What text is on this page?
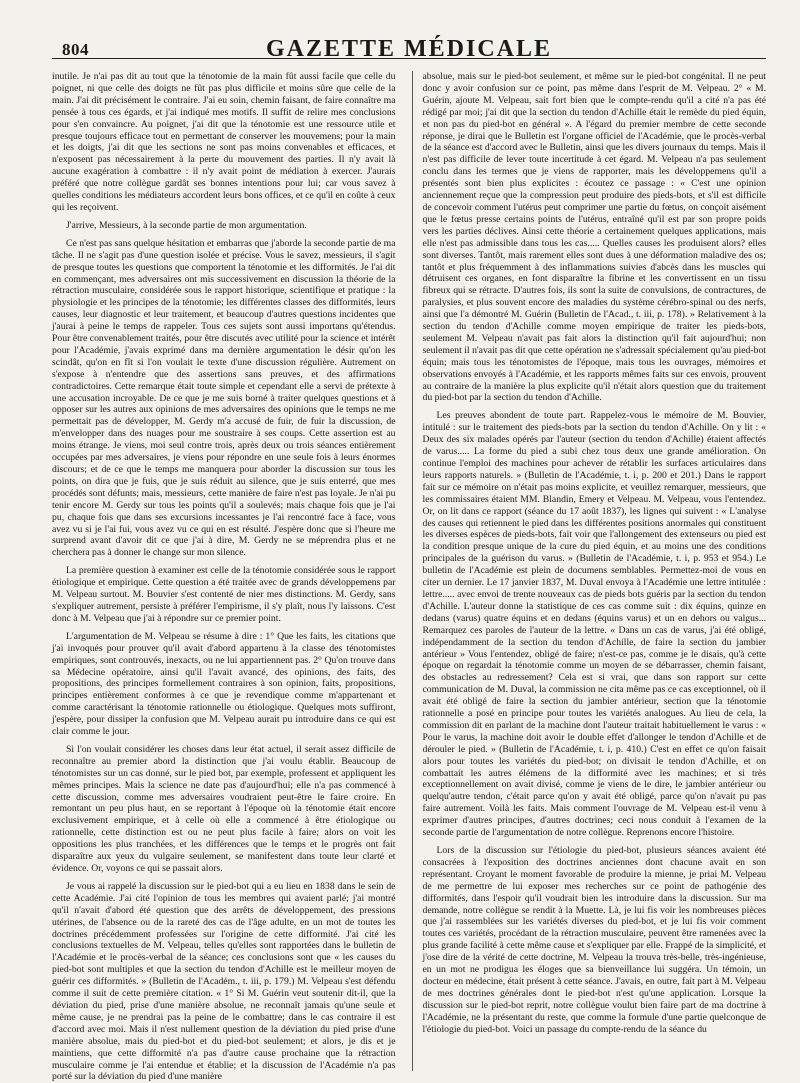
804	GAZETTE MÉDICALE

inutile. Je n'ai pas dit au tout que la ténotomie de la main fût aussi facile que celle du poignet, ni que celle des doigts ne fût pas plus difficile et moins sûre que celle de la main. J'ai dit précisément le contraire. J'ai eu soin, chemin faisant, de faire connaître ma pensée à tous ces égards, et j'ai indiqué mes motifs. Il suffit de relire mes conclusions pour s'en convaincre. Au poignet, j'ai dit que la ténotomie est une ressource utile et presque toujours efficace tout en permettant de conserver les mouvemens; pour la main et les doigts, j'ai dit que les sections ne sont pas moins convenables et efficaces, et n'exposent pas nécessairement à la perte du mouvement des parties. Il n'y avait là aucune exagération à combattre : il n'y avait point de médiation à exercer. J'aurais préféré que notre collègue gardât ses bonnes intentions pour lui; car vous savez à quelles conditions les médiateurs accordent leurs bons offices, et ce qu'il en coûte à ceux qui les reçoivent.

J'arrive, Messieurs, à la seconde partie de mon argumentation.

Ce n'est pas sans quelque hésitation et embarras que j'aborde la seconde partie de ma tâche. Il ne s'agit pas d'une question isolée et précise. Vous le savez, messieurs, il s'agit de presque toutes les questions que comportent la ténotomie et les difformités. Je l'ai dit en commençant, mes adversaires ont mis successivement en discussion la théorie de la rétraction musculaire, considérée sous le rapport historique, scientifique et pratique : la physiologie et les principes de la ténotomie; les différentes classes des difformités, leurs causes, leur diagnostic et leur traitement, et beaucoup d'autres questions incidentes que j'aurai à peine le temps de rappeler. Tous ces sujets sont aussi importans qu'étendus. Pour être convenablement traités, pour être discutés avec utilité pour la science et intérêt pour l'Académie, j'avais exprimé dans ma dernière argumentation le désir qu'on les scindât, qu'on en fît si l'on voulait le texte d'une discussion régulière. Autrement on s'expose à n'entendre que des assertions sans preuves, et des affirmations contradictoires. Cette remarque était toute simple et cependant elle a servi de prétexte à une accusation incroyable. De ce que je me suis borné à traiter quelques questions et à opposer sur les autres aux opinions de mes adversaires des opinions que le temps ne me permettait pas de développer, M. Gerdy m'a accusé de fuir, de fuir la discussion, de m'envelopper dans des nuages pour me soustraire à ses coups. Cette assertion est au moins étrange. Je viens, moi seul contre trois, après deux ou trois séances entièrement occupées par mes adversaires, je viens pour répondre en une seule fois à leurs énormes discours; et de ce que le temps me manquera pour aborder la discussion sur tous les points, on dira que je fuis, que je suis réduit au silence, que je suis enterré, que mes procédés sont défunts; mais, messieurs, cette manière de faire n'est pas loyale. Je n'ai pu tenir encore M. Gerdy sur tous les points qu'il a soulevés; mais chaque fois que je l'ai pu, chaque fois que dans ses excursions incessantes je l'ai rencontré face à face, vous avez vu si je l'ai fui, vous avez vu ce qui en est résulté. J'espère donc que si l'heure me surprend avant d'avoir dit ce que j'ai à dire, M. Gerdy ne se méprendra plus et ne cherchera pas à donner le change sur mon silence.

La première question à examiner est celle de la ténotomie considérée sous le rapport étiologique et empirique. Cette question a été traitée avec de grands développemens par M. Velpeau surtout. M. Bouvier s'est contenté de nier mes distinctions. M. Gerdy, sans s'expliquer autrement, persiste à préférer l'empirisme, il s'y plaît, nous l'y laissons. C'est donc à M. Velpeau que j'ai à répondre sur ce premier point.

L'argumentation de M. Velpeau se résume à dire : 1° Que les faits, les citations que j'ai invoqués pour prouver qu'il avait d'abord appartenu à la classe des ténotomistes empiriques, sont controuvés, inexacts, ou ne lui appartiennent pas. 2° Qu'on trouve dans sa Médecine opératoire, ainsi qu'il l'avait avancé, des opinions, des faits, des propositions, des principes formellement contraires à son opinion, faits, propositions, principes entièrement conformes à ce que je revendique comme m'appartenant et comme caractérisant la ténotomie rationnelle ou étiologique. Quelques mots suffiront, j'espère, pour dissiper la confusion que M. Velpeau aurait pu introduire dans ce qui est clair comme le jour.

Si l'on voulait considérer les choses dans leur état actuel, il serait assez difficile de reconnaître au premier abord la distinction que j'ai voulu établir. Beaucoup de ténotomistes sur un cas donné, sur le pied bot, par exemple, professent et appliquent les mêmes principes. Mais la science ne date pas d'aujourd'hui; elle n'a pas commencé à cette discussion, comme mes adversaires voudraient peut-être le faire croire. En remontant un peu plus haut, en se reportant à l'époque où la ténotomie était encore exclusivement empirique, et à celle où elle a commencé à être étiologique ou rationnelle, cette distinction est ou ne peut plus facile à faire; alors on voit les oppositions les plus tranchées, et les différences que le temps et le progrès ont fait disparaître aux yeux du vulgaire seulement, se manifestent dans toute leur clarté et évidence. Or, voyons ce qui se passait alors.

Je vous ai rappelé la discussion sur le pied-bot qui a eu lieu en 1838 dans le sein de cette Académie. J'ai cité l'opinion de tous les membres qui avaient parlé; j'ai montré qu'il n'avait d'abord été question que des arrêts de développement, des pressions utérines, de l'absence ou de la rareté des cas de l'âge adulte, en un mot de toutes les doctrines précédemment professées sur l'origine de cette difformité. J'ai cité les conclusions textuelles de M. Velpeau, telles qu'elles sont rapportées dans le bulletin de l'Académie et le procès-verbal de la séance; ces conclusions sont que « les causes du pied-bot sont multiples et que la section du tendon d'Achille est le meilleur moyen de guérir ces difformités. » (Bulletin de l'Académ., t. iii, p. 179.) M. Velpeau s'est défendu comme il suit de cette première citation. « 1° Si M. Guérin veut soutenir dit-il, que la déviation du pied, prise d'une manière absolue, ne reconnaît jamais qu'une seule et même cause, je ne prendrai pas la peine de le combattre; dans le cas contraire il est d'accord avec moi. Mais il n'est nullement question de la déviation du pied prise d'une manière absolue, mais du pied-bot et du pied-bot seulement; et alors, je dis et je maintiens, que cette difformité n'a pas d'autre cause prochaine que la rétraction musculaire comme je l'ai entendue et établie; et la discussion de l'Académie n'a pas porté sur la déviation du pied d'une manière

absolue, mais sur le pied-bot seulement, et même sur le pied-bot congénital. Il ne peut donc y avoir confusion sur ce point, pas même dans l'esprit de M. Velpeau. 2° « M. Guérin, ajoute M. Velpeau, sait fort bien que le compte-rendu qu'il a cité n'a pas été rédigé par moi; j'ai dit que la section du tendon d'Achille était le remède du pied équin, et non pas du pied-bot en général ». A l'égard du premier membre de cette seconde réponse, je dirai que le Bulletin est l'organe officiel de l'Académie, que le procès-verbal de la séance est d'accord avec le Bulletin, ainsi que les divers journaux du temps. Mais il n'est pas difficile de lever toute incertitude à cet égard. M. Velpeau n'a pas seulement conclu dans les termes que je viens de rapporter, mais les développemens qu'il a présentés sont bien plus explicites : écoutez ce passage : « C'est une opinion anciennement reçue que la compression peut produire des pieds-bots, et s'il est difficile de concevoir comment l'utérus peut comprimer une partie du fœtus, on conçoit aisément que le fœtus presse certains points de l'utérus, entraîné qu'il est par son propre poids vers les parties déclives. Ainsi cette théorie a certainement quelques applications, mais elle n'est pas admissible dans tous les cas..... Quelles causes les produisent alors? elles sont diverses. Tantôt, mais rarement elles sont dues à une déformation maladive des os; tantôt et plus fréquemment à des inflammations suivies d'abcès dans les muscles qui détruisent ces organes, en font disparaître la fibrine et les convertissent en un tissu fibreux qui se rétracte. D'autres fois, ils sont la suite de convulsions, de contractures, de paralysies, et plus souvent encore des maladies du système cérébro-spinal ou des nerfs, ainsi que l'a démontré M. Guérin (Bulletin de l'Acad., t. iii, p. 178). » Relativement à la section du tendon d'Achille comme moyen empirique de traiter les pieds-bots, seulement M. Velpeau n'avait pas fait alors la distinction qu'il fait aujourd'hui; non seulement il n'avait pas dit que cette opération ne s'adressait spécialement qu'au pied-bot équin; mais tous les ténotomistes de l'époque, mais tous les ouvrages, mémoires et observations envoyés à l'Académie, et les rapports mêmes faits sur ces envois, prouvent au contraire de la manière la plus explicite qu'il n'était alors question que du traitement du pied-bot par la section du tendon d'Achille.

Les preuves abondent de toute part. Rappelez-vous le mémoire de M. Bouvier, intitulé : sur le traitement des pieds-bots par la section du tendon d'Achille. On y lit : « Deux des six malades opérés par l'auteur (section du tendon d'Achille) étaient affectés de varus..... La forme du pied a subi chez tous deux une grande amélioration. On continue l'emploi des machines pour achever de rétablir les surfaces articulaires dans leurs rapports naturels. » (Bulletin de l'Académie, t. i, p. 200 et 201.) Dans le rapport fait sur ce mémoire on n'était pas moins explicite, et veuillez remarquer, messieurs, que les commissaires étaient MM. Blandin, Emery et Velpeau. M. Velpeau, vous l'entendez. Or, on lit dans ce rapport (séance du 17 août 1837), les lignes qui suivent : « L'analyse des causes qui retiennent le pied dans les différentes positions anormales qui constituent les diverses espèces de pieds-bots, fait voir que l'allongement des extenseurs ou pied est la condition presque unique de la cure du pied équin, et au moins une des conditions principales de la guérison du varus. » (Bulletin de l'Académie, t. i, p. 953 et 954.) Le bulletin de l'Académie est plein de documens semblables. Permettez-moi de vous en citer un dernier. Le 17 janvier 1837, M. Duval envoya à l'Académie une lettre intitulée : lettre..... avec envoi de trente nouveaux cas de pieds bots guéris par la section du tendon d'Achille. L'auteur donne la statistique de ces cas comme suit : dix équins, quinze en dedans (varus) quatre équins et en dedans (équins varus) et un en dehors ou valgus... Remarquez ces paroles de l'auteur de la lettre. « Dans un cas de varus, j'ai été obligé, indépendamment de la section du tendon d'Achille, de faire la section du jambier antérieur » Vous l'entendez, obligé de faire; n'est-ce pas, comme je le disais, qu'à cette époque on regardait la ténotomie comme un moyen de se débarrasser, chemin faisant, des obstacles au redressement? Cela est si vrai, que dans son rapport sur cette communication de M. Duval, la commission ne cita même pas ce cas exceptionnel, où il avait été obligé de faire la section du jambier antérieur, section que la ténotomie rationnelle a posé en principe pour toutes les variétés analogues. Au lieu de cela, la commission dit en parlant de la machine dont l'auteur traitait habituellement le varus : « Pour le varus, la machine doit avoir le double effet d'allonger le tendon d'Achille et de dérouler le pied. » (Bulletin de l'Académie, t. i, p. 410.) C'est en effet ce qu'on faisait alors pour toutes les variétés du pied-bot; on divisait le tendon d'Achille, et on combattait les autres élémens de la difformité avec les machines; et si très exceptionnellement on avait divisé, comme je viens de le dire, le jambier antérieur ou quelqu'autre tendon, c'était parce qu'on y avait été obligé, parce qu'on n'avait pu pas faire autrement. Voilà les faits. Mais comment l'ouvrage de M. Velpeau est-il venu à exprimer d'autres principes, d'autres doctrines; ceci nous conduit à l'examen de la seconde partie de l'argumentation de notre collègue. Reprenons encore l'histoire.

Lors de la discussion sur l'étiologie du pied-bot, plusieurs séances avaient été consacrées à l'exposition des doctrines anciennes dont chacune avait en son représentant. Croyant le moment favorable de produire la mienne, je priai M. Velpeau de me permettre de lui exposer mes recherches sur ce point de pathogénie des difformités, dans l'espoir qu'il voudrait bien les introduire dans la discussion. Sur ma demande, notre collègue se rendit à la Muette. Là, je lui fis voir les nombreuses pièces que j'ai rassemblées sur les variétés diverses du pied-bot, et je lui fis voir comment toutes ces variétés, procédant de la rétraction musculaire, peuvent être ramenées avec la plus grande facilité à cette même cause et s'expliquer par elle. Frappé de la simplicité, et j'ose dire de la vérité de cette doctrine, M. Velpeau la trouva très-belle, très-ingénieuse, en un mot ne prodigua les éloges que sa bienveillance lui suggéra. Un témoin, un docteur en médecine, était présent à cette séance. J'avais, en outre, fait part à M. Velpeau de mes doctrines générales dont le pied-bot n'est qu'une application. Lorsque la discussion sur le pied-bot reprit, notre collègue voulut bien faire part de ma doctrine à l'Académie, ne la présentant du reste, que comme la formule d'une partie quelconque de l'étiologie du pied-bot. Voici un passage du compte-rendu de la séance du
